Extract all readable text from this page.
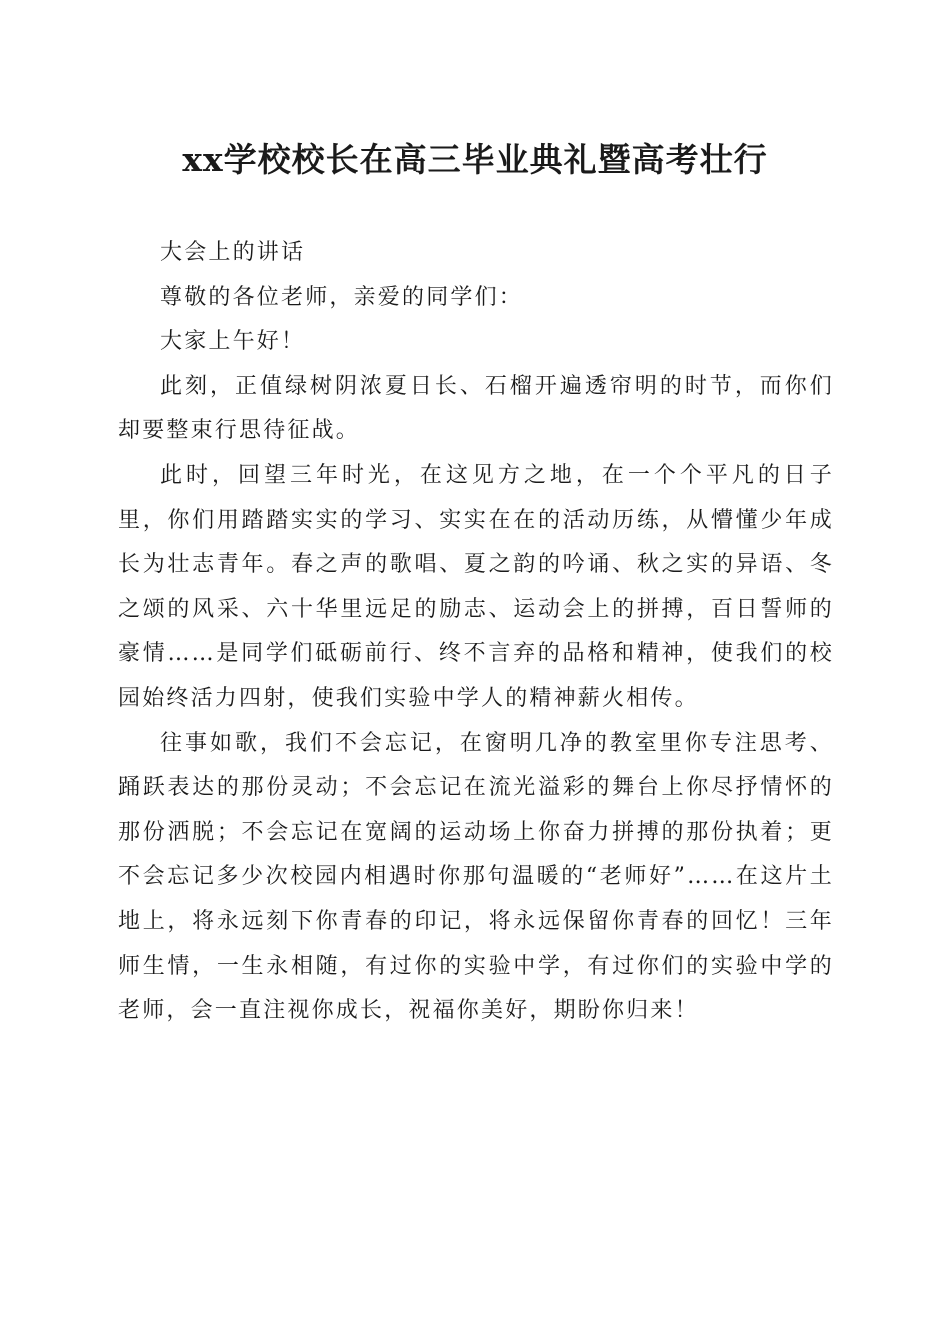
xx学校校长在高三毕业典礼暨高考壮行

大会上的讲话

尊敬的各位老师，亲爱的同学们：

大家上午好！

此刻，正值绿树阴浓夏日长、石榴开遍透帘明的时节，而你们却要整束行思待征战。

此时，回望三年时光，在这见方之地，在一个个平凡的日子里，你们用踏踏实实的学习、实实在在的活动历练，从懵懂少年成长为壮志青年。春之声的歌唱、夏之韵的吟诵、秋之实的异语、冬之颂的风采、六十华里远足的励志、运动会上的拼搏，百日誓师的豪情……是同学们砥砺前行、终不言弃的品格和精神，使我们的校园始终活力四射，使我们实验中学人的精神薪火相传。

往事如歌，我们不会忘记，在窗明几净的教室里你专注思考、踊跃表达的那份灵动；不会忘记在流光溢彩的舞台上你尽抒情怀的那份洒脱；不会忘记在宽阔的运动场上你奋力拼搏的那份执着；更不会忘记多少次校园内相遇时你那句温暖的“老师好”……在这片土地上，将永远刻下你青春的印记，将永远保留你青春的回忆！三年师生情，一生永相随，有过你的实验中学，有过你们的实验中学的老师，会一直注视你成长，祝福你美好，期盼你归来！
